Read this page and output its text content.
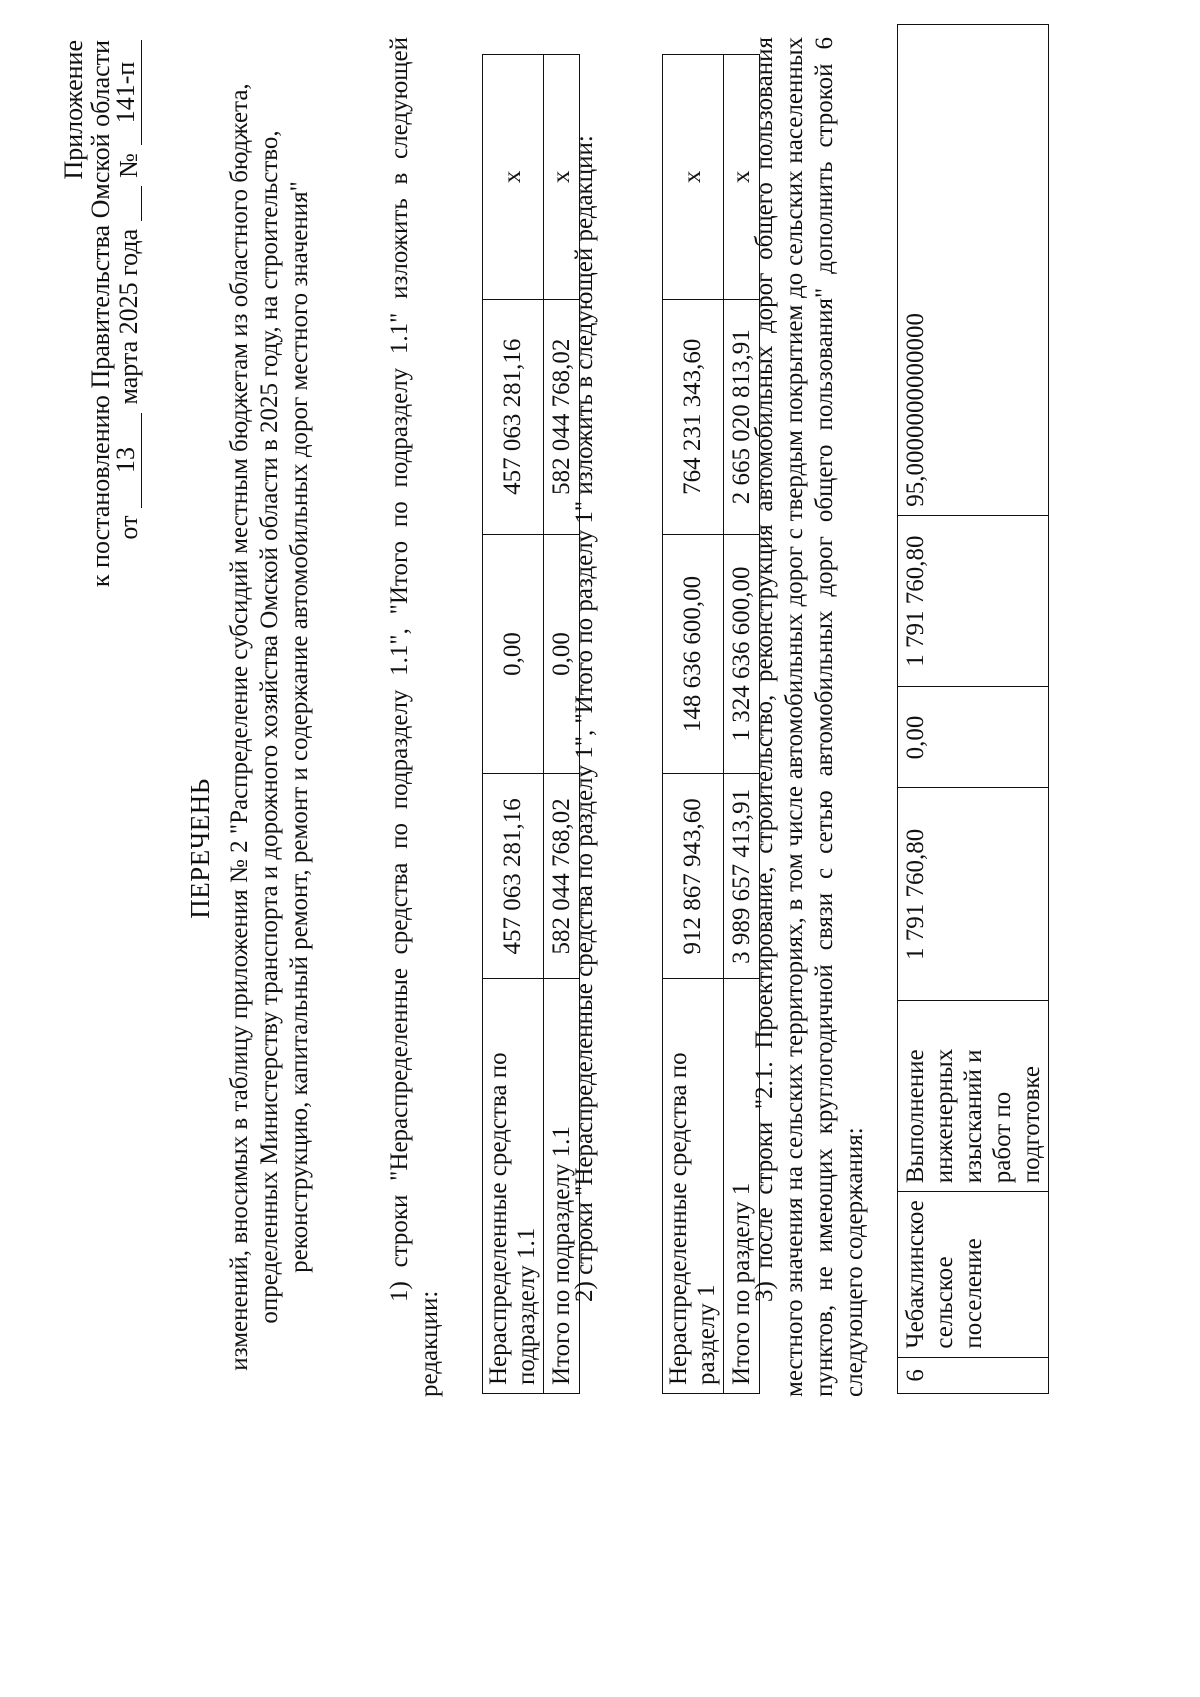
Приложение
к постановлению Правительства Омской области от
13
марта 2025 года
№
141-п
ПЕРЕЧЕНЬ изменений, вносимых в таблицу приложения № 2 "Распределение субсидий местным бюджетам из областного бюджета, определенных Министерству транспорта и дорожного хозяйства Омской области в 2025 году, на строительство, реконструкцию, капитальный ремонт, ремонт и содержание автомобильных дорог местного значения"	1) строки "Нераспределенные средства по подразделу 1.1", "Итого по подразделу 1.1" изложить в следующей редакции: Нераспределенные средства по подразделу 1.1	457 063 281,16	0,00	457 063 281,16	х
Итого по подразделу 1.1	582 044 768,02	0,00	582 044 768,02	х
2) строки "Нераспределенные средства по разделу 1", "Итого по разделу 1" изложить в следующей редакции:	Нераспределенные средства по разделу 1	912 867 943,60	148 636 600,00	764 231 343,60	х
Итого по разделу 1	3 989 657 413,91	1 324 636 600,00	2 665 020 813,91	х
3) после строки "2.1. Проектирование, строительство, реконструкция автомобильных дорог общего пользования местного значения на сельских территориях, в том числе автомобильных дорог с твердым покрытием до сельских населенных пунктов, не имеющих круглогодичной связи с сетью автомобильных дорог общего пользования" дополнить строкой 6 следующего содержания: 6	Чебаклинское сельское поселение	Выполнение инженерных изысканий и работ по подготовке	1 791 760,80	0,00	1 791 760,80	95,0000000000000
